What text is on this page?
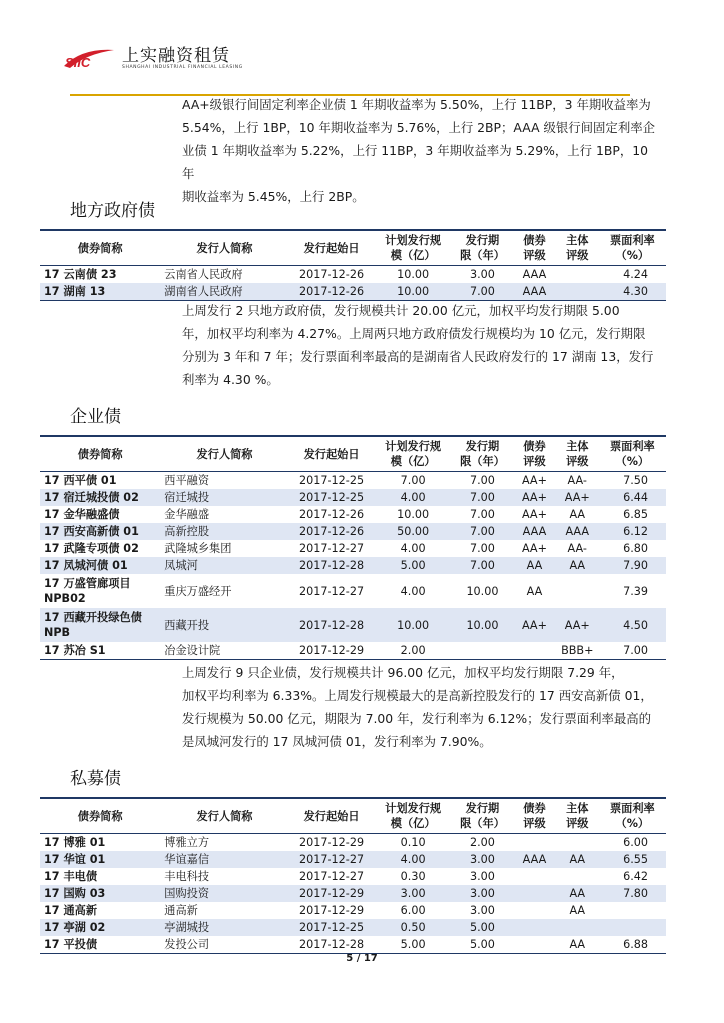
SIIC 上实融资租赁
SHANGHAI INDUSTRIAL FINANCIAL LEASING

AA+级银行间固定利率企业债 1 年期收益率为 5.50%，上行 11BP，3 年期收益率为

5.54%，上行 1BP，10 年期收益率为 5.76%，上行 2BP；AAA 级银行间固定利率企

业债 1 年期收益率为 5.22%，上行 11BP，3 年期收益率为 5.29%，上行 1BP，10 年

期收益率为 5.45%，上行 2BP。

地方政府债
债券简称	发行人简称	发行起始日	计划发行规
模（亿）	发行期
限（年）	债券
评级	主体
评级	票面利率
（%）
17 云南债 23	云南省人民政府	2017-12-26	10.00	3.00	AAA		4.24
17 湖南 13	湖南省人民政府	2017-12-26	10.00	7.00	AAA		4.30

上周发行 2 只地方政府债，发行规模共计 20.00 亿元，加权平均发行期限 5.00

年，加权平均利率为 4.27%。上周两只地方政府债发行规模均为 10 亿元，发行期限

分别为 3 年和 7 年；发行票面利率最高的是湖南省人民政府发行的 17 湖南 13，发行

利率为 4.30 %。

企业债
债券简称	发行人简称	发行起始日	计划发行规
模（亿）	发行期
限（年）	债券
评级	主体
评级	票面利率
（%）
17 西平债 01	西平融资	2017-12-25	7.00	7.00	AA+	AA-	7.50
17 宿迁城投债 02	宿迁城投	2017-12-25	4.00	7.00	AA+	AA+	6.44
17 金华融盛债	金华融盛	2017-12-26	10.00	7.00	AA+	AA	6.85
17 西安高新债 01	高新控股	2017-12-26	50.00	7.00	AAA	AAA	6.12
17 武隆专项债 02	武隆城乡集团	2017-12-27	4.00	7.00	AA+	AA-	6.80
17 凤城河债 01	凤城河	2017-12-28	5.00	7.00	AA	AA	7.90
17 万盛管廊项目 NPB02	重庆万盛经开	2017-12-27	4.00	10.00	AA		7.39
17 西藏开投绿色债 NPB	西藏开投	2017-12-28	10.00	10.00	AA+	AA+	4.50
17 苏冶 S1	冶金设计院	2017-12-29	2.00			BBB+	7.00

上周发行 9 只企业债，发行规模共计 96.00 亿元，加权平均发行期限 7.29 年，

加权平均利率为 6.33%。上周发行规模最大的是高新控股发行的 17 西安高新债 01，

发行规模为 50.00 亿元，期限为 7.00 年，发行利率为 6.12%；发行票面利率最高的

是凤城河发行的 17 凤城河债 01，发行利率为 7.90%。

私募债
债券简称	发行人简称	发行起始日	计划发行规
模（亿）	发行期
限（年）	债券
评级	主体
评级	票面利率
（%）
17 博雅 01	博雅立方	2017-12-29	0.10	2.00			6.00
17 华谊 01	华谊嘉信	2017-12-27	4.00	3.00	AAA	AA	6.55
17 丰电债	丰电科技	2017-12-27	0.30	3.00			6.42
17 国购 03	国购投资	2017-12-29	3.00	3.00		AA	7.80
17 通高新	通高新	2017-12-29	6.00	3.00		AA	
17 亭湖 02	亭湖城投	2017-12-25	0.50	5.00			
17 平投债	发投公司	2017-12-28	5.00	5.00		AA	6.88
5 / 17
